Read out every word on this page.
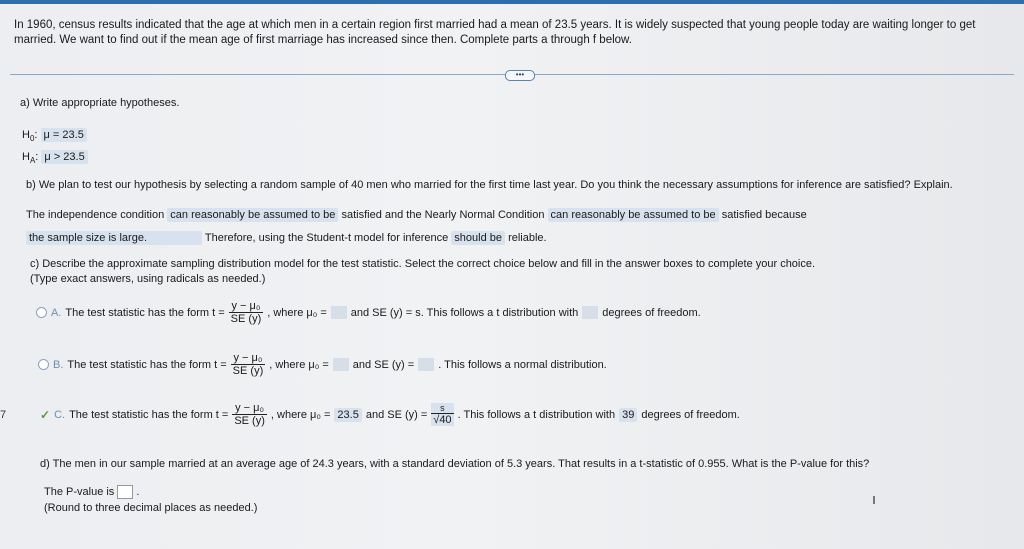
In 1960, census results indicated that the age at which men in a certain region first married had a mean of 23.5 years. It is widely suspected that young people today are waiting longer to get married. We want to find out if the mean age of first marriage has increased since then. Complete parts a through f below.
•••
a) Write appropriate hypotheses.
$H_0$: μ = 23.5
$H_A$: μ > 23.5
b) We plan to test our hypothesis by selecting a random sample of 40 men who married for the first time last year. Do you think the necessary assumptions for inference are satisfied? Explain.
The independence condition can reasonably be assumed to be satisfied and the Nearly Normal Condition can reasonably be assumed to be satisfied because
the sample size is large.	Therefore, using the Student-t model for inference should be reliable.
c) Describe the approximate sampling distribution model for the test statistic. Select the correct choice below and fill in the answer boxes to complete your choice.
(Type exact answers, using radicals as needed.)
A. The test statistic has the form $t = \frac{\text{y − μ₀}}{SE (y)}$ , where μ₀ = and SE (y) = s. This follows a t distribution with degrees of freedom.
B. The test statistic has the form $t = \frac{\text{y − μ₀}}{SE (y)}$ , where μ₀ = and SE (y) = . This follows a normal distribution.
✓ C. The test statistic has the form $t = \frac{\text{y − μ₀}}{SE (y)}$ , where μ₀ = 23.5 and SE $(y) = \frac{s}{√40}$ . This follows a t distribution with 39 degrees of freedom.
d) The men in our sample married at an average age of 24.3 years, with a standard deviation of 5.3 years. That results in a t-statistic of 0.955. What is the P-value for this?
The P-value is .
(Round to three decimal places as needed.)
7
